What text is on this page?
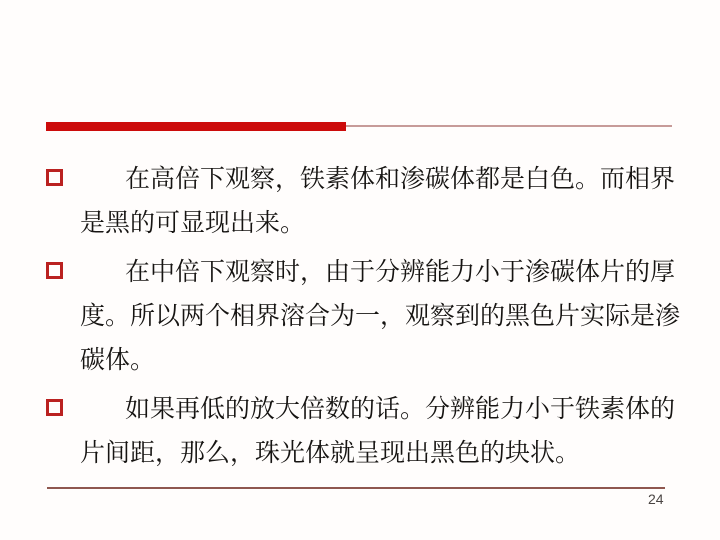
在高倍下观察，铁素体和渗碳体都是白色。而相界
是黑的可显现出来。
在中倍下观察时，由于分辨能力小于渗碳体片的厚
度。所以两个相界溶合为一，观察到的黑色片实际是渗
碳体。
如果再低的放大倍数的话。分辨能力小于铁素体的
片间距，那么，珠光体就呈现出黑色的块状。
24
